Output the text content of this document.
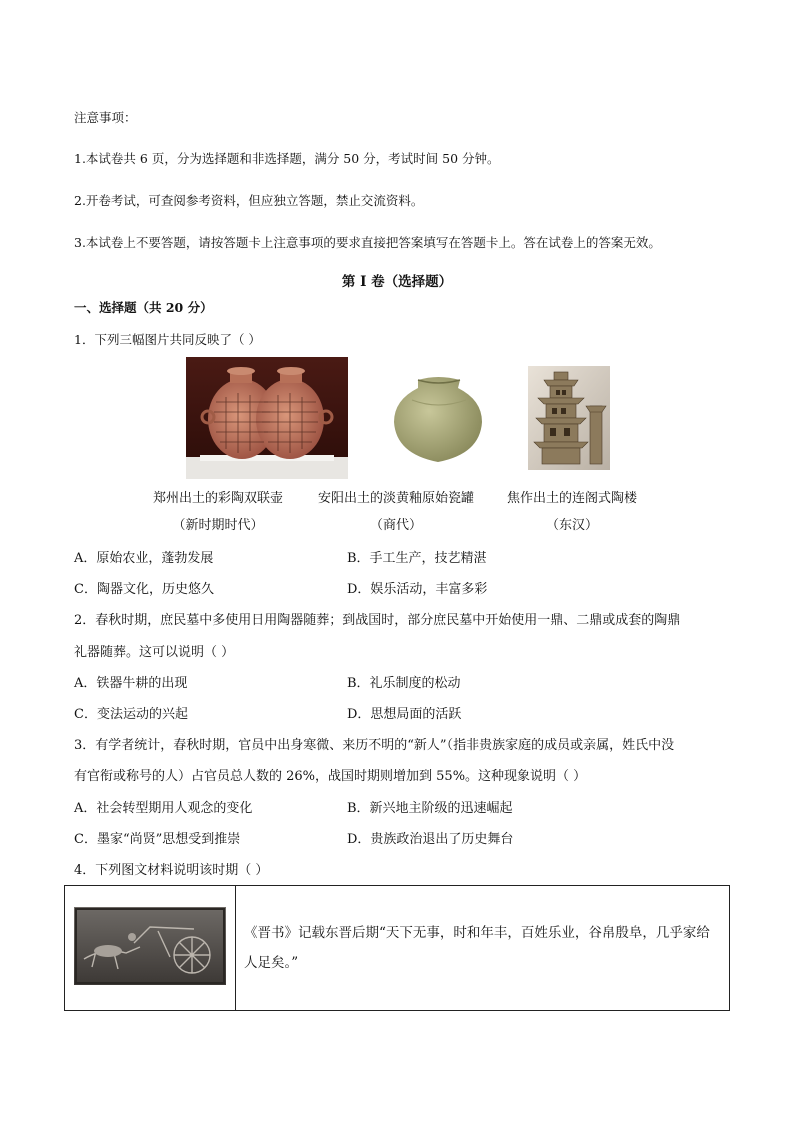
注意事项：
1.本试卷共 6 页，分为选择题和非选择题，满分 50 分，考试时间 50 分钟。
2.开卷考试，可查阅参考资料，但应独立答题，禁止交流资料。
3.本试卷上不要答题，请按答题卡上注意事项的要求直接把答案填写在答题卡上。答在试卷上的答案无效。
第 I 卷（选择题）
一、选择题（共 20 分）
1．下列三幅图片共同反映了（ ）
郑州出土的彩陶双联壶
（新时期时代）
安阳出土的淡黄釉原始瓷罐
（商代）
焦作出土的连阁式陶楼
（东汉）
A．原始农业，蓬勃发展	B．手工生产，技艺精湛
C．陶器文化，历史悠久	D．娱乐活动，丰富多彩
2．春秋时期，庶民墓中多使用日用陶器随葬；到战国时，部分庶民墓中开始使用一鼎、二鼎或成套的陶鼎
礼器随葬。这可以说明（ ）
A．铁器牛耕的出现	B．礼乐制度的松动
C．变法运动的兴起	D．思想局面的活跃
3．有学者统计，春秋时期，官员中出身寒微、来历不明的“新人”（指非贵族家庭的成员或亲属，姓氏中没
有官衔或称号的人）占官员总人数的 26%，战国时期则增加到 55%。这种现象说明（ ）
A．社会转型期用人观念的变化	B．新兴地主阶级的迅速崛起
C．墨家“尚贤”思想受到推崇	D．贵族政治退出了历史舞台
4．下列图文材料说明该时期（ ）
	《晋书》记载东晋后期“天下无事，时和年丰，百姓乐业，谷帛殷阜，几乎家给人足矣。”
